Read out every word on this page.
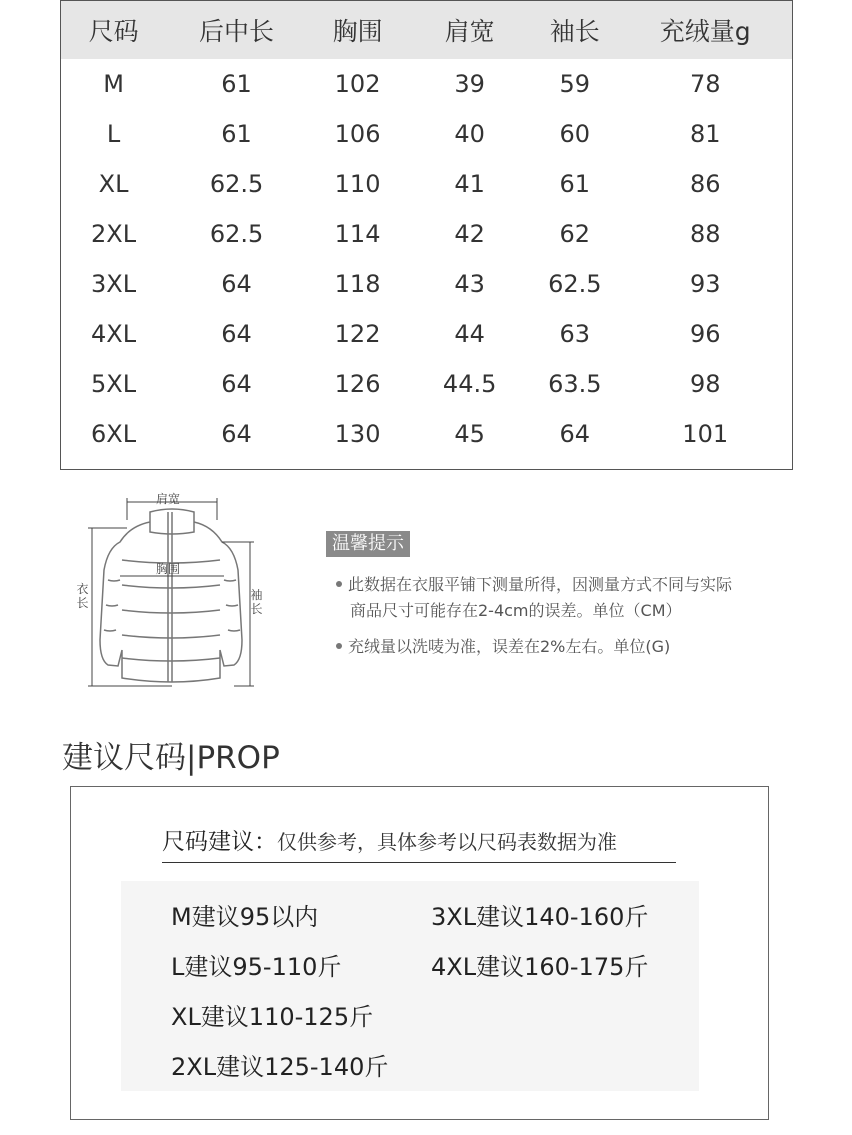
尺码	后中长	胸围	肩宽	袖长	充绒量g
M	61	102	39	59	78
L	61	106	40	60	81
XL	62.5	110	41	61	86
2XL	62.5	114	42	62	88
3XL	64	118	43	62.5	93
4XL	64	122	44	63	96
5XL	64	126	44.5	63.5	98
6XL	64	130	45	64	101
肩宽
胸围
衣长
袖长
温馨提示
此数据在衣服平铺下测量所得，因测量方式不同与实际
商品尺寸可能存在2-4cm的误差。单位（CM）
充绒量以洗唛为准，误差在2%左右。单位(G)
建议尺码|PROP
尺码建议：仅供参考，具体参考以尺码表数据为准
M建议95以内
L建议95-110斤
XL建议110-125斤
2XL建议125-140斤
3XL建议140-160斤
4XL建议160-175斤
